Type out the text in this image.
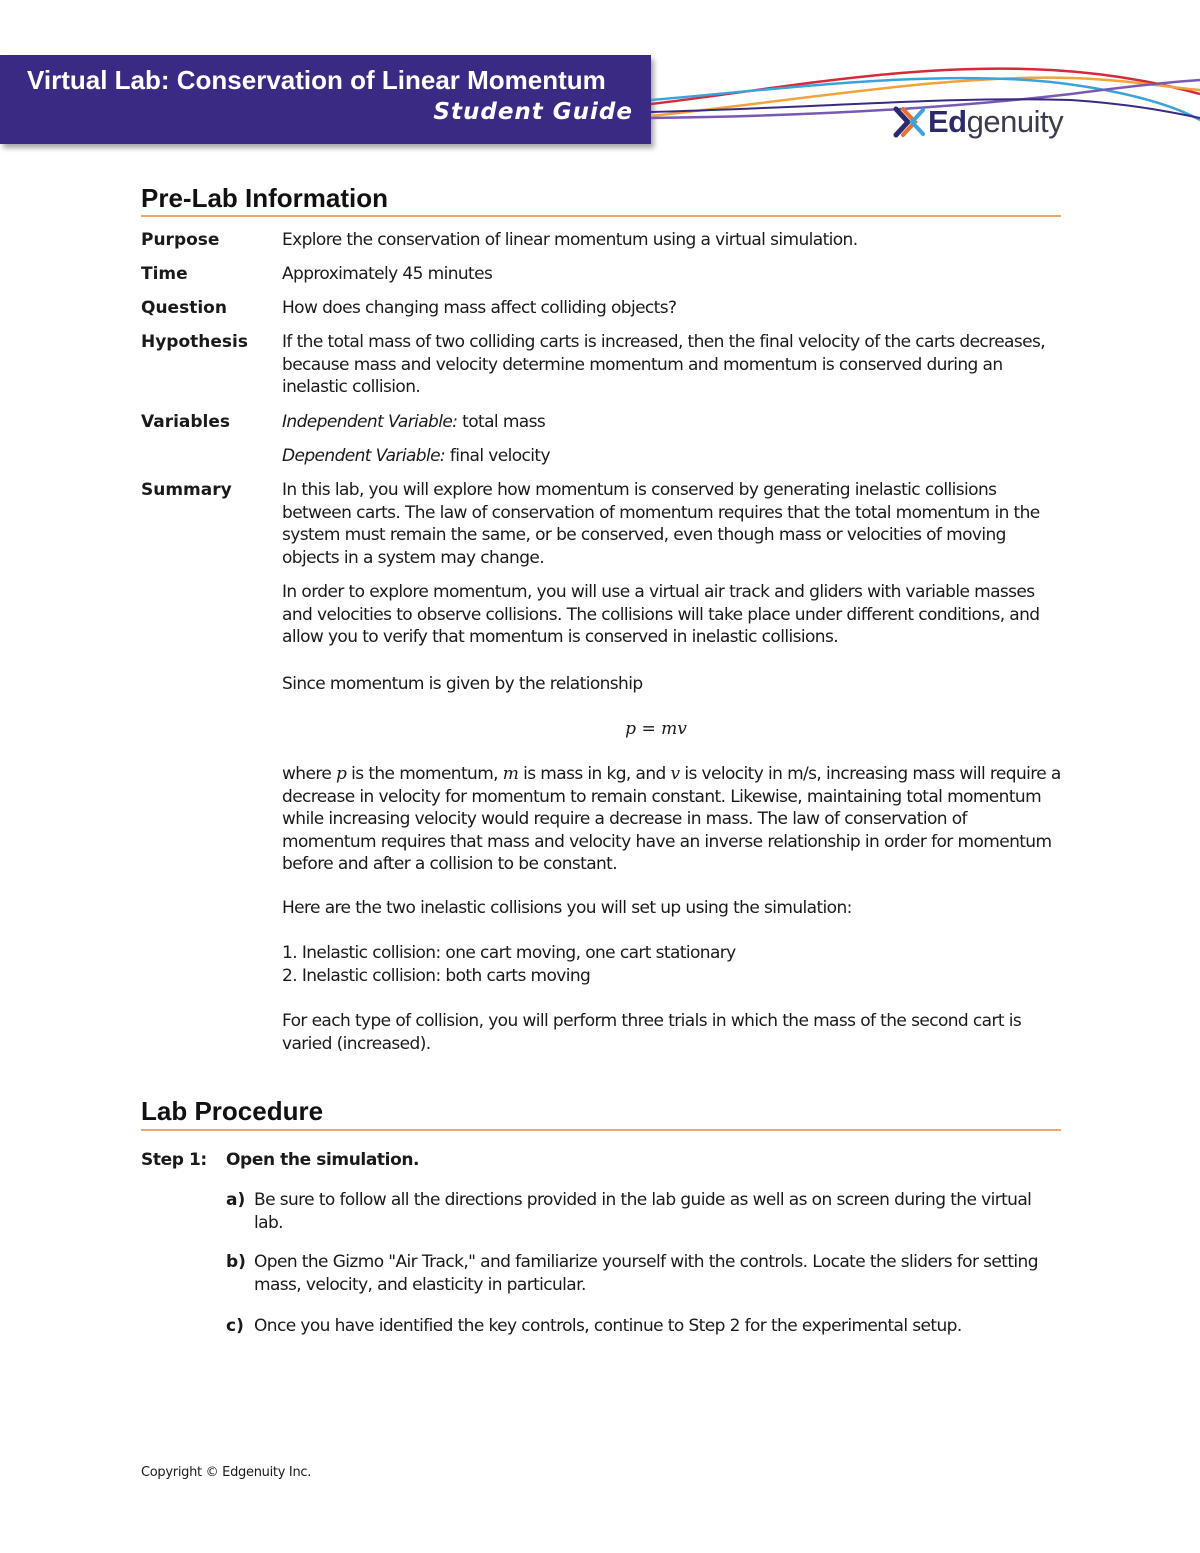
Virtual Lab: Conservation of Linear Momentum
Student Guide	Edgenuity
Pre-Lab Information
Purpose	Explore the conservation of linear momentum using a virtual simulation.
Time	Approximately 45 minutes
Question	How does changing mass affect colliding objects?
Hypothesis If the total mass of two colliding carts is increased, then the final velocity of the carts decreases, because mass and velocity determine momentum and momentum is conserved during an inelastic collision.
Variables	Independent Variable: total mass
Dependent Variable: final velocity
Summary	In this lab, you will explore how momentum is conserved by generating inelastic collisions between carts. The law of conservation of momentum requires that the total momentum in the system must remain the same, or be conserved, even though mass or velocities of moving objects in a system may change.
In order to explore momentum, you will use a virtual air track and gliders with variable masses and velocities to observe collisions. The collisions will take place under different conditions, and allow you to verify that momentum is conserved in inelastic collisions.
Since momentum is given by the relationship
p = mv
where p is the momentum, m is mass in kg, and v is velocity in m/s, increasing mass will require a decrease in velocity for momentum to remain constant. Likewise, maintaining total momentum while increasing velocity would require a decrease in mass. The law of conservation of momentum requires that mass and velocity have an inverse relationship in order for momentum before and after a collision to be constant.
Here are the two inelastic collisions you will set up using the simulation:
1. Inelastic collision: one cart moving, one cart stationary
2. Inelastic collision: both carts moving
For each type of collision, you will perform three trials in which the mass of the second cart is varied (increased).
Lab Procedure
Step 1: Open the simulation.
a) Be sure to follow all the directions provided in the lab guide as well as on screen during the virtual lab.
b) Open the Gizmo "Air Track," and familiarize yourself with the controls. Locate the sliders for setting mass, velocity, and elasticity in particular.
c) Once you have identified the key controls, continue to Step 2 for the experimental setup.
Copyright © Edgenuity Inc.
